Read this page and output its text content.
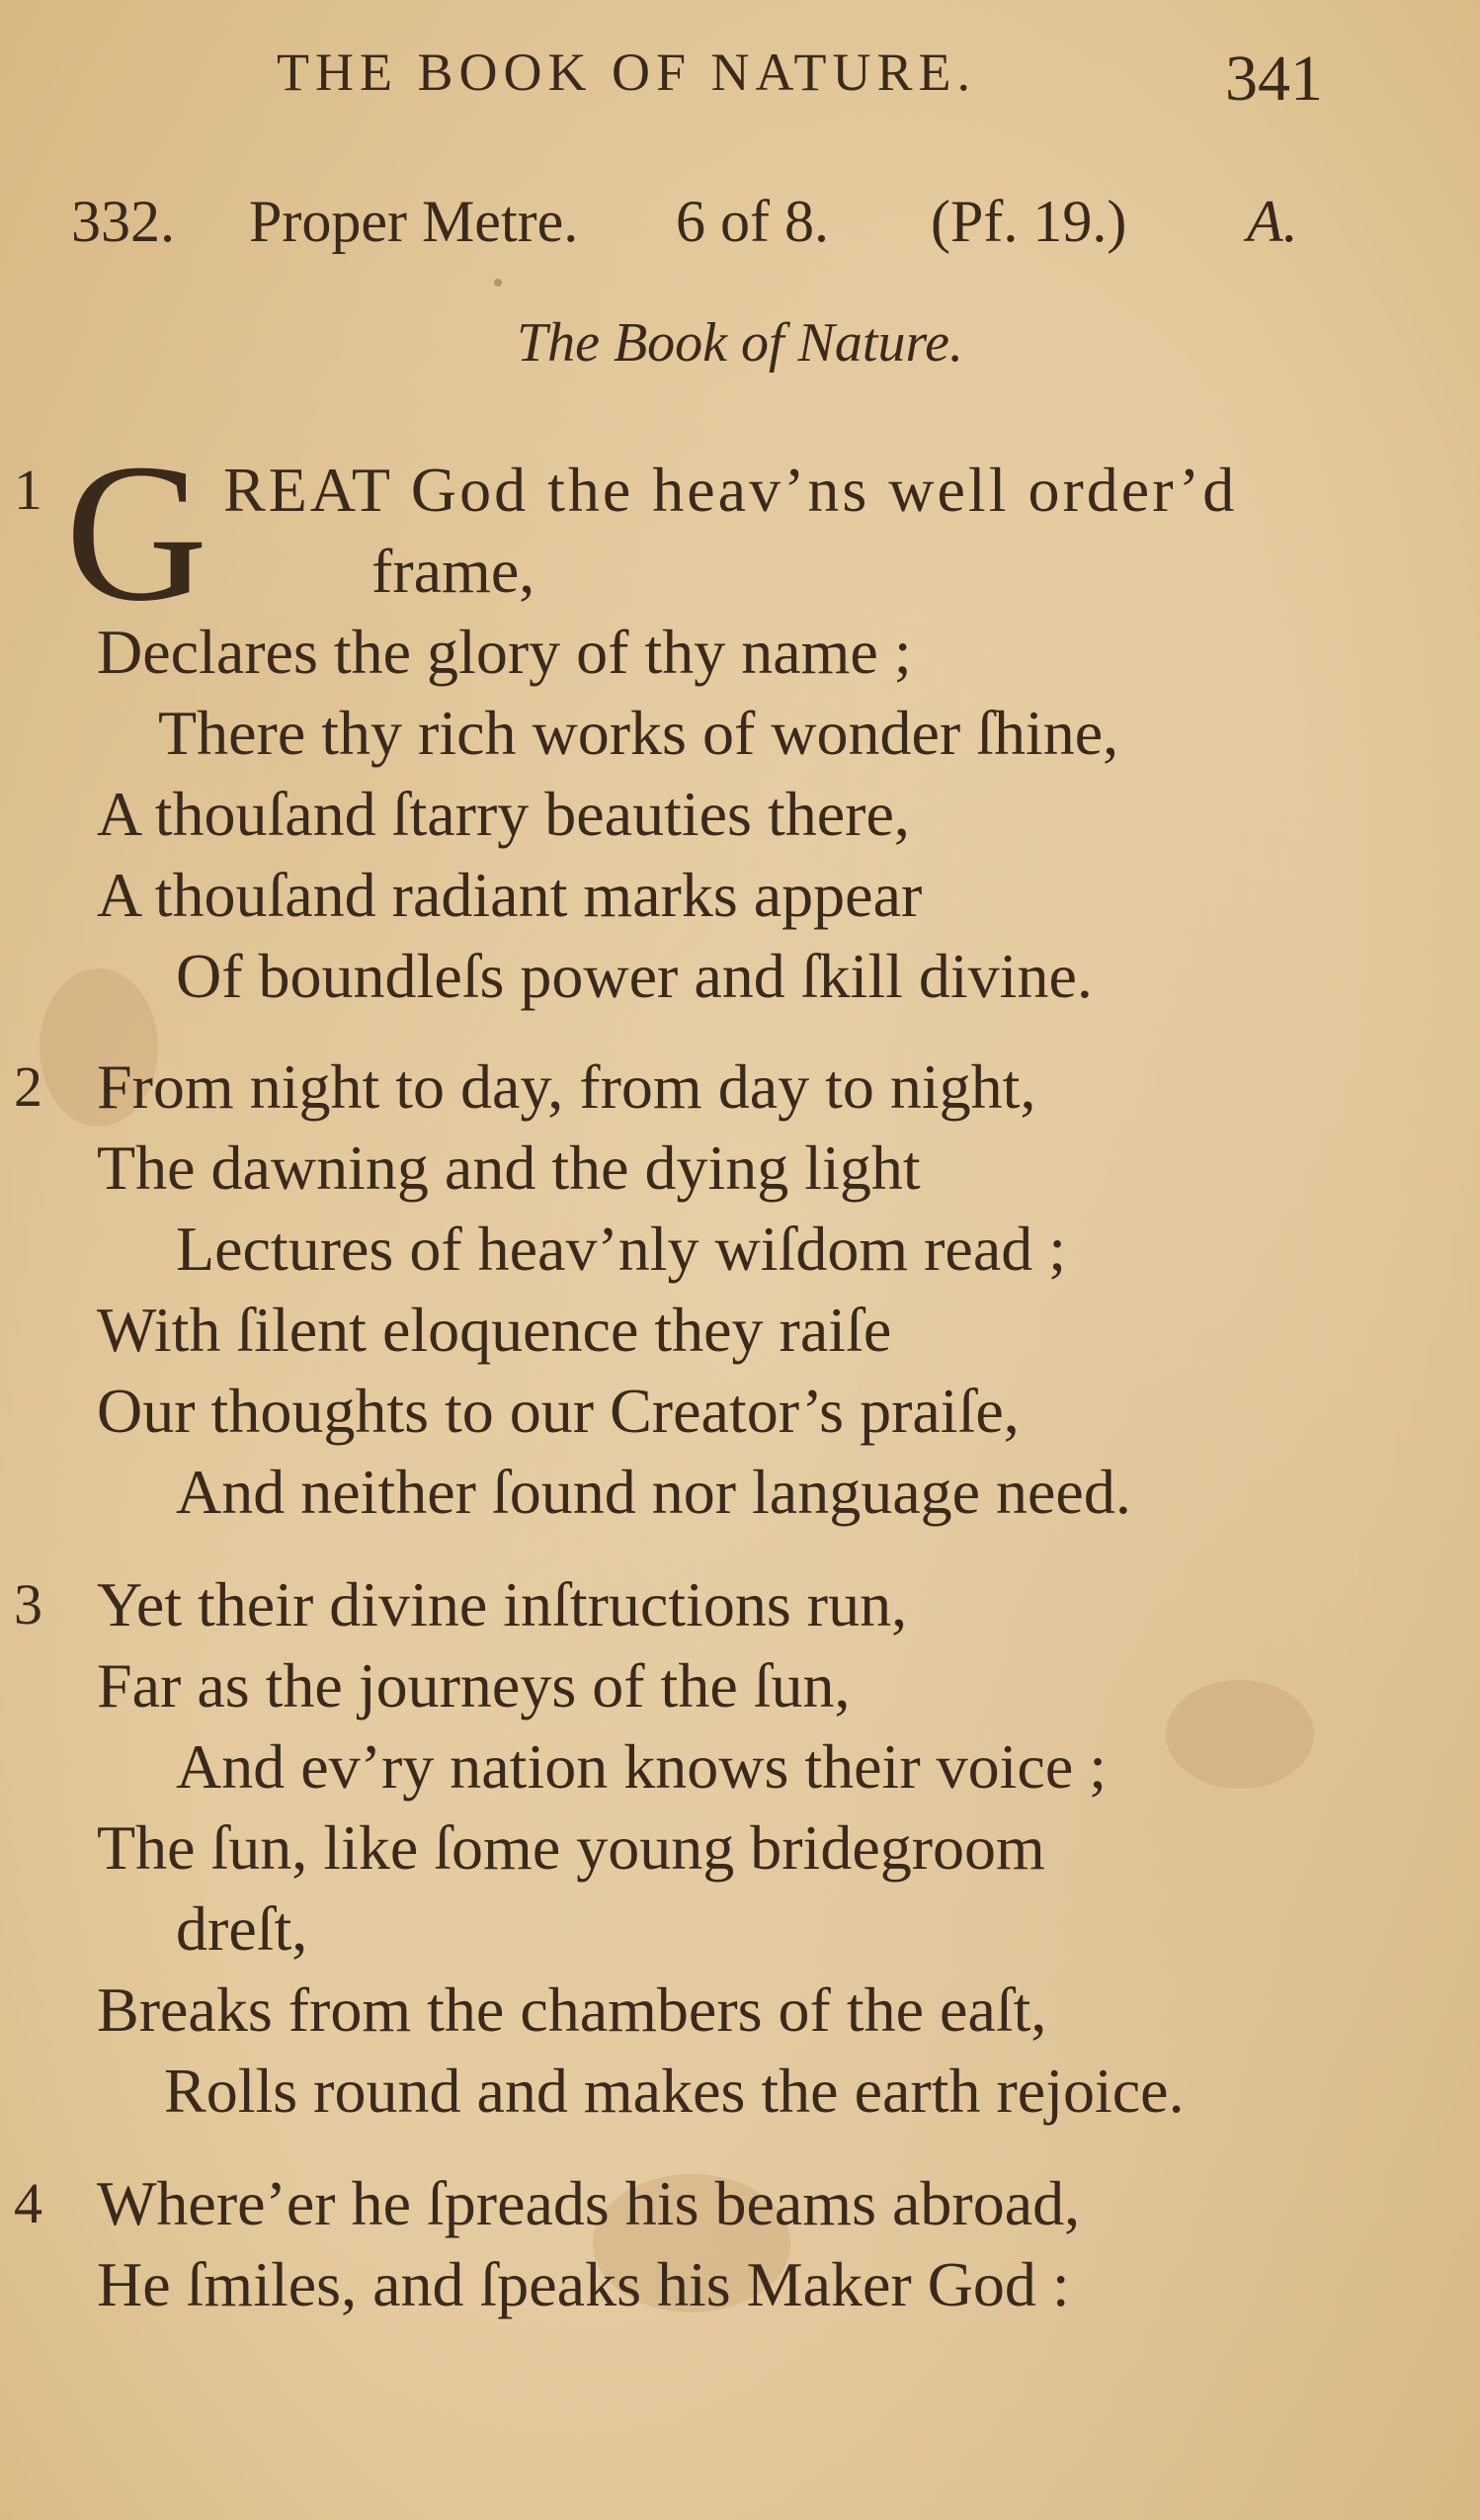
THE BOOK OF NATURE.	341
332. Proper Metre. 6 of 8. (Pf. 19.) A.
The Book of Nature.
1 G REAT God the heav’ns well order’d
frame,
Declares the glory of thy name ;
There thy rich works of wonder ſhine,
A thouſand ſtarry beauties there,
A thouſand radiant marks appear
Of boundleſs power and ſkill divine.
2 From night to day, from day to night,
The dawning and the dying light
Lectures of heav’nly wiſdom read ;
With ſilent eloquence they raiſe
Our thoughts to our Creator’s praiſe,
And neither ſound nor language need.
3 Yet their divine inſtructions run,
Far as the journeys of the ſun,
And ev’ry nation knows their voice ;
The ſun, like ſome young bridegroom
dreſt,
Breaks from the chambers of the eaſt,
Rolls round and makes the earth rejoice.
4 Where’er he ſpreads his beams abroad,
He ſmiles, and ſpeaks his Maker God :
